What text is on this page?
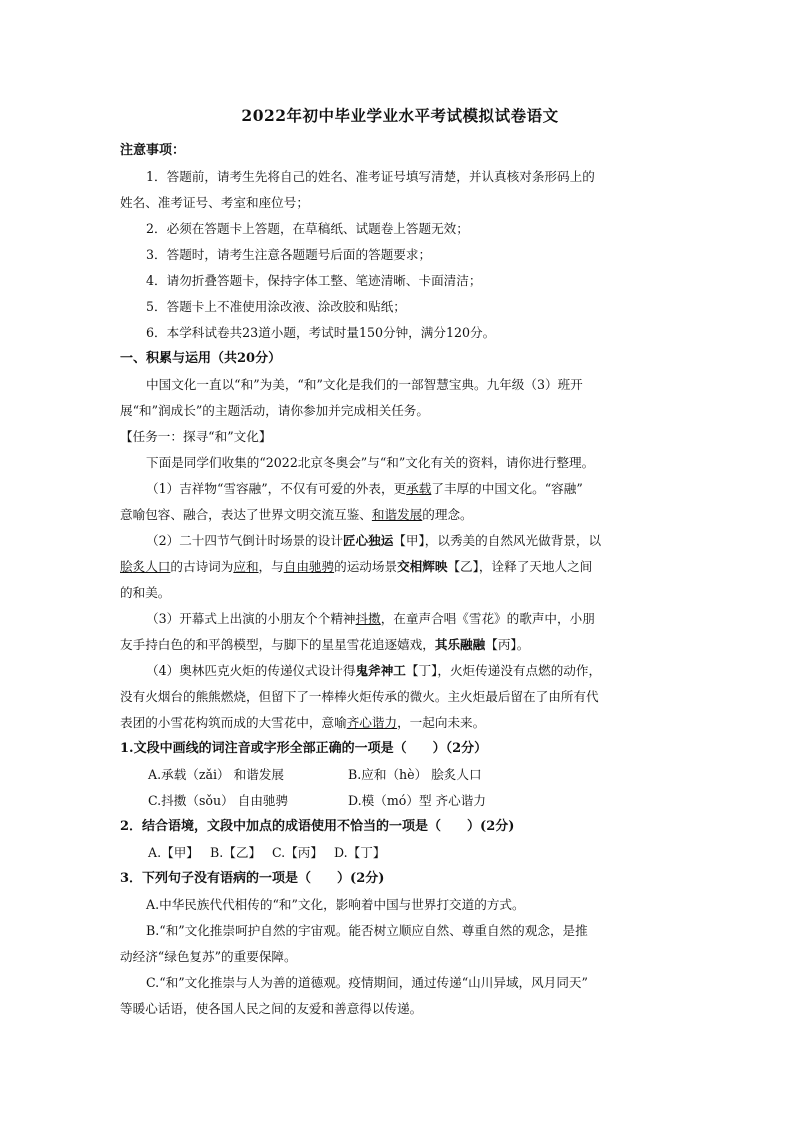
2022年初中毕业学业水平考试模拟试卷语文
注意事项：
1．答题前，请考生先将自己的姓名、准考证号填写清楚，并认真核对条形码上的
姓名、准考证号、考室和座位号；
2．必须在答题卡上答题，在草稿纸、试题卷上答题无效；
3．答题时，请考生注意各题题号后面的答题要求；
4．请勿折叠答题卡，保持字体工整、笔迹清晰、卡面清洁；
5．答题卡上不准使用涂改液、涂改胶和贴纸；
6．本学科试卷共23道小题，考试时量150分钟，满分120分。
一、积累与运用（共20分）
中国文化一直以“和”为美，“和”文化是我们的一部智慧宝典。九年级（3）班开
展“和”润成长”的主题活动，请你参加并完成相关任务。
【任务一：探寻“和”文化】
下面是同学们收集的“2022北京冬奥会”与“和”文化有关的资料，请你进行整理。
（1）吉祥物“雪容融”，不仅有可爱的外表，更承载了丰厚的中国文化。“容融”
意喻包容、融合，表达了世界文明交流互鉴、和谐发展的理念。
（2）二十四节气倒计时场景的设计匠心独运【甲】，以秀美的自然风光做背景，以
脍炙人口的古诗词为应和，与自由驰骋的运动场景交相辉映【乙】，诠释了天地人之间
的和美。
（3）开幕式上出演的小朋友个个精神抖擞，在童声合唱《雪花》的歌声中，小朋
友手持白色的和平鸽模型，与脚下的星星雪花追逐嬉戏，其乐融融【丙】。
（4）奥林匹克火炬的传递仪式设计得鬼斧神工【丁】，火炬传递没有点燃的动作，
没有火烟台的熊熊燃烧，但留下了一棒棒火炬传承的微火。主火炬最后留在了由所有代
表团的小雪花构筑而成的大雪花中，意喻齐心谐力，一起向未来。
1.文段中画线的词注音或字形全部正确的一项是（　　）（2分）
A.承载（zǎi） 和谐发展	B.应和（hè） 脍炙人口
C.抖擞（sǒu） 自由驰骋	D.模（mó）型 齐心谐力
2．结合语境，文段中加点的成语使用不恰当的一项是（　　）(2分)
A.【甲】 B.【乙】 C.【丙】 D.【丁】
3．下列句子没有语病的一项是（　　）(2分)
A.中华民族代代相传的“和”文化，影响着中国与世界打交道的方式。
B.“和”文化推崇呵护自然的宇宙观。能否树立顺应自然、尊重自然的观念，是推
动经济“绿色复苏”的重要保障。
C.“和”文化推崇与人为善的道德观。疫情期间，通过传递“山川异域，风月同天”
等暖心话语，使各国人民之间的友爱和善意得以传递。
